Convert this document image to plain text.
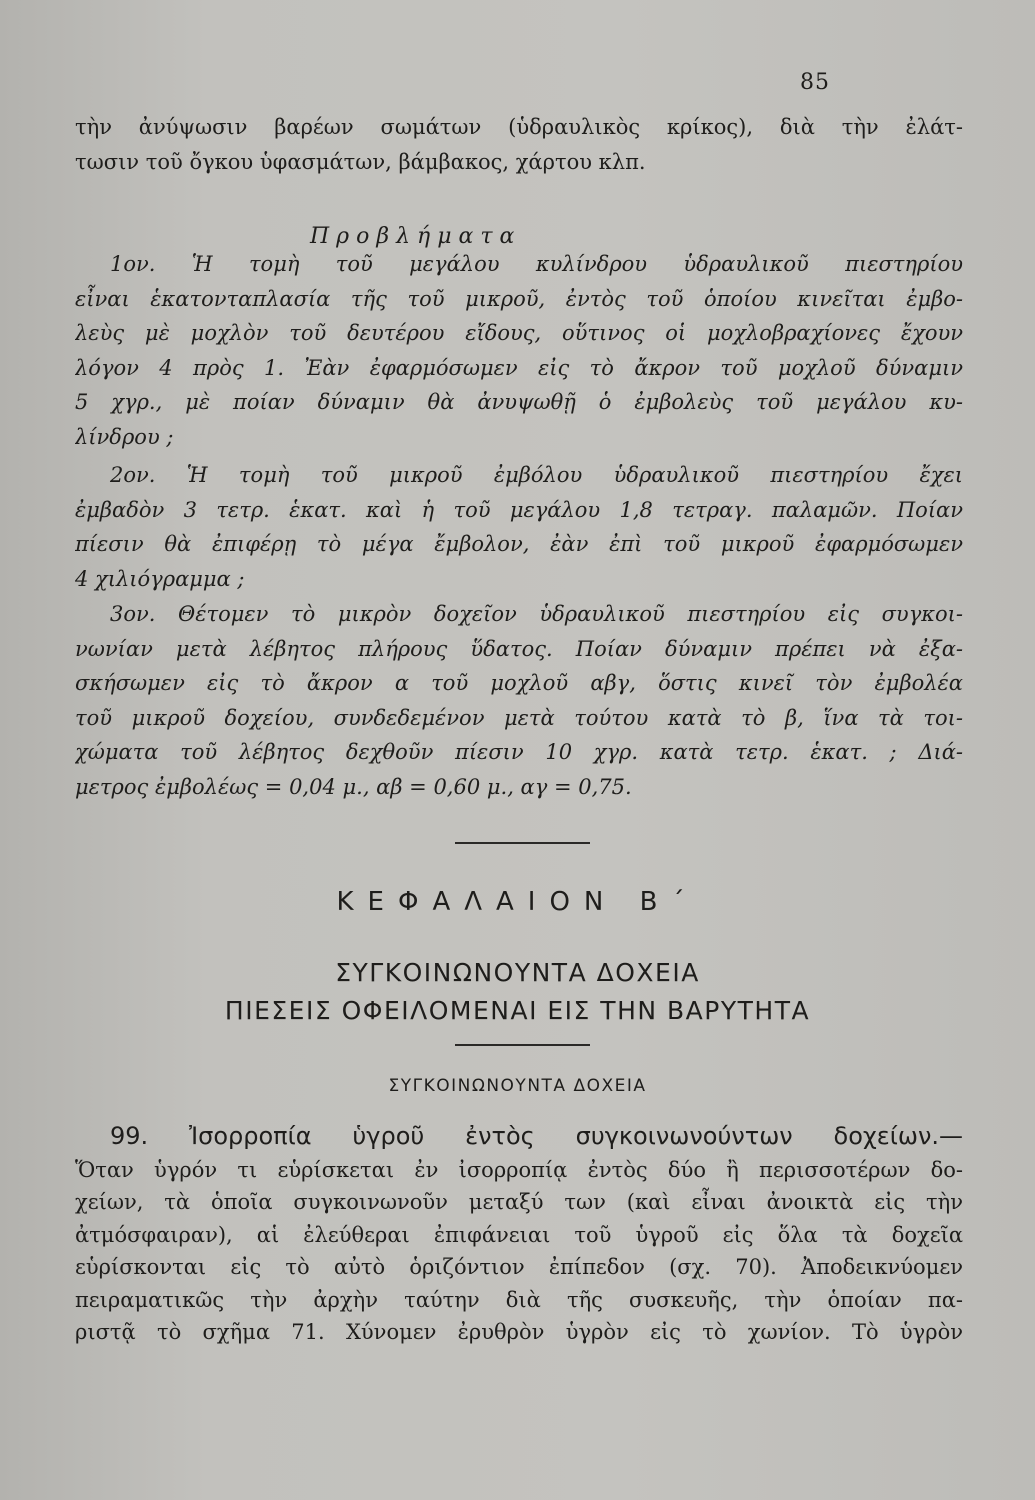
85

τὴν ἀνύψωσιν βαρέων σωμάτων (ὑδραυλικὸς κρίκος), διὰ τὴν ἐλάτ-
τωσιν τοῦ ὄγκου ὑφασμάτων, βάμβακος, χάρτου κλπ.

Προβλήματα

1ον. Ἡ τομὴ τοῦ μεγάλου κυλίνδρου ὑδραυλικοῦ πιεστηρίου
εἶναι ἑκατονταπλασία τῆς τοῦ μικροῦ, ἐντὸς τοῦ ὁποίου κινεῖται ἐμβο-
λεὺς μὲ μοχλὸν τοῦ δευτέρου εἴδους, οὕτινος οἱ μοχλοβραχίονες ἔχουν
λόγον 4 πρὸς 1. Ἐὰν ἐφαρμόσωμεν εἰς τὸ ἄκρον τοῦ μοχλοῦ δύναμιν
5 χγρ., μὲ ποίαν δύναμιν θὰ ἀνυψωθῇ ὁ ἐμβολεὺς τοῦ μεγάλου κυ-
λίνδρου ;

2ον. Ἡ τομὴ τοῦ μικροῦ ἐμβόλου ὑδραυλικοῦ πιεστηρίου ἔχει
ἐμβαδὸν 3 τετρ. ἑκατ. καὶ ἡ τοῦ μεγάλου 1,8 τετραγ. παλαμῶν. Ποίαν
πίεσιν θὰ ἐπιφέρῃ τὸ μέγα ἔμβολον, ἐὰν ἐπὶ τοῦ μικροῦ ἐφαρμόσωμεν
4 χιλιόγραμμα ;

3ον. Θέτομεν τὸ μικρὸν δοχεῖον ὑδραυλικοῦ πιεστηρίου εἰς συγκοι-
νωνίαν μετὰ λέβητος πλήρους ὕδατος. Ποίαν δύναμιν πρέπει νὰ ἐξα-
σκήσωμεν εἰς τὸ ἄκρον α τοῦ μοχλοῦ αβγ, ὅστις κινεῖ τὸν ἐμβολέα
τοῦ μικροῦ δοχείου, συνδεδεμένον μετὰ τούτου κατὰ τὸ β, ἵνα τὰ τοι-
χώματα τοῦ λέβητος δεχθοῦν πίεσιν 10 χγρ. κατὰ τετρ. ἑκατ. ; Διά-
μετρος ἐμβολέως = 0,04 μ., αβ = 0,60 μ., αγ = 0,75.

ΚΕΦΑΛΑΙΟΝ Β΄
ΣΥΓΚΟΙΝΩΝΟΥΝΤΑ ΔΟΧΕΙΑ
ΠΙΕΣΕΙΣ ΟΦΕΙΛΟΜΕΝΑΙ ΕΙΣ ΤΗΝ ΒΑΡΥΤΗΤΑ
ΣΥΓΚΟΙΝΩΝΟΥΝΤΑ ΔΟΧΕΙΑ

99. Ἰσορροπία ὑγροῦ ἐντὸς συγκοινωνούντων δοχείων.—
Ὅταν ὑγρόν τι εὑρίσκεται ἐν ἰσορροπίᾳ ἐντὸς δύο ἢ περισσοτέρων δο-
χείων, τὰ ὁποῖα συγκοινωνοῦν μεταξύ των (καὶ εἶναι ἀνοικτὰ εἰς τὴν
ἀτμόσφαιραν), αἱ ἐλεύθεραι ἐπιφάνειαι τοῦ ὑγροῦ εἰς ὅλα τὰ δοχεῖα
εὑρίσκονται εἰς τὸ αὐτὸ ὁριζόντιον ἐπίπεδον (σχ. 70). Ἀποδεικνύομεν
πειραματικῶς τὴν ἀρχὴν ταύτην διὰ τῆς συσκευῆς, τὴν ὁποίαν πα-
ριστᾷ τὸ σχῆμα 71. Χύνομεν ἐρυθρὸν ὑγρὸν εἰς τὸ χωνίον. Τὸ ὑγρὸν
